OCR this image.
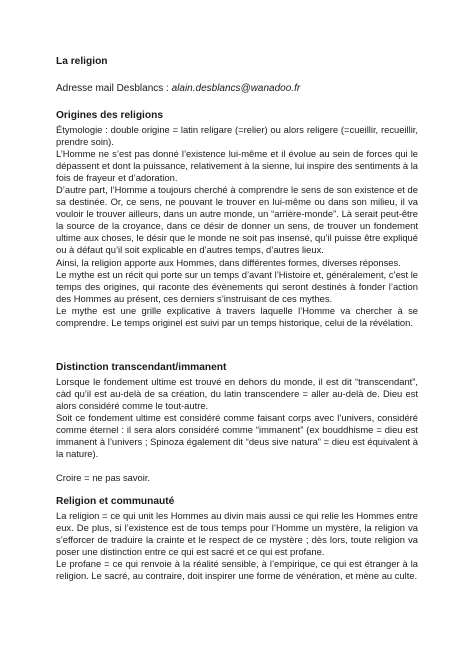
La religion
Adresse mail Desblancs : alain.desblancs@wanadoo.fr
Origines des religions

Étymologie : double origine = latin religare (=relier) ou alors religere (=cueillir, recueillir, prendre soin).

L’Homme ne s’est pas donné l’existence lui-même et il évolue au sein de forces qui le dépassent et dont la puissance, relativement à la sienne, lui inspire des sentiments à la fois de frayeur et d’adoration.

D’autre part, l’Homme a toujours cherché à comprendre le sens de son existence et de sa destinée. Or, ce sens, ne pouvant le trouver en lui-même ou dans son milieu, il va vouloir le trouver ailleurs, dans un autre monde, un “arrière-monde”. Là serait peut-être la source de la croyance, dans ce désir de donner un sens, de trouver un fondement ultime aux choses, le désir que le monde ne soit pas insensé, qu’il puisse être expliqué ou à défaut qu’il soit explicable en d’autres temps, d’autres lieux.

Ainsi, la religion apporte aux Hommes, dans différentes formes, diverses réponses.

Le mythe est un récit qui porte sur un temps d’avant l’Histoire et, généralement, c’est le temps des origines, qui raconte des évènements qui seront destinés à fonder l’action des Hommes au présent, ces derniers s’instruisant de ces mythes.

Le mythe est une grille explicative à travers laquelle l’Homme va chercher à se comprendre. Le temps originel est suivi par un temps historique, celui de la révélation.

Distinction transcendant/immanent

Lorsque le fondement ultime est trouvé en dehors du monde, il est dit “transcendant”, càd qu’il est au-delà de sa création, du latin transcendere = aller au-delà de. Dieu est alors considéré comme le tout-autre.

Soit ce fondement ultime est considéré comme faisant corps avec l’univers, considéré comme éternel : il sera alors considéré comme “immanent” (ex bouddhisme = dieu est immanent à l’univers ; Spinoza également dit “deus sive natura” = dieu est équivalent à la nature).

Croire = ne pas savoir.

Religion et communauté

La religion = ce qui unit les Hommes au divin mais aussi ce qui relie les Hommes entre eux. De plus, si l’existence est de tous temps pour l’Homme un mystère, la religion va s’efforcer de traduire la crainte et le respect de ce mystère ; dès lors, toute religion va poser une distinction entre ce qui est sacré et ce qui est profane.

Le profane = ce qui renvoie à la réalité sensible, à l’empirique, ce qui est étranger à la religion. Le sacré, au contraire, doit inspirer une forme de vénération, et mène au culte.
